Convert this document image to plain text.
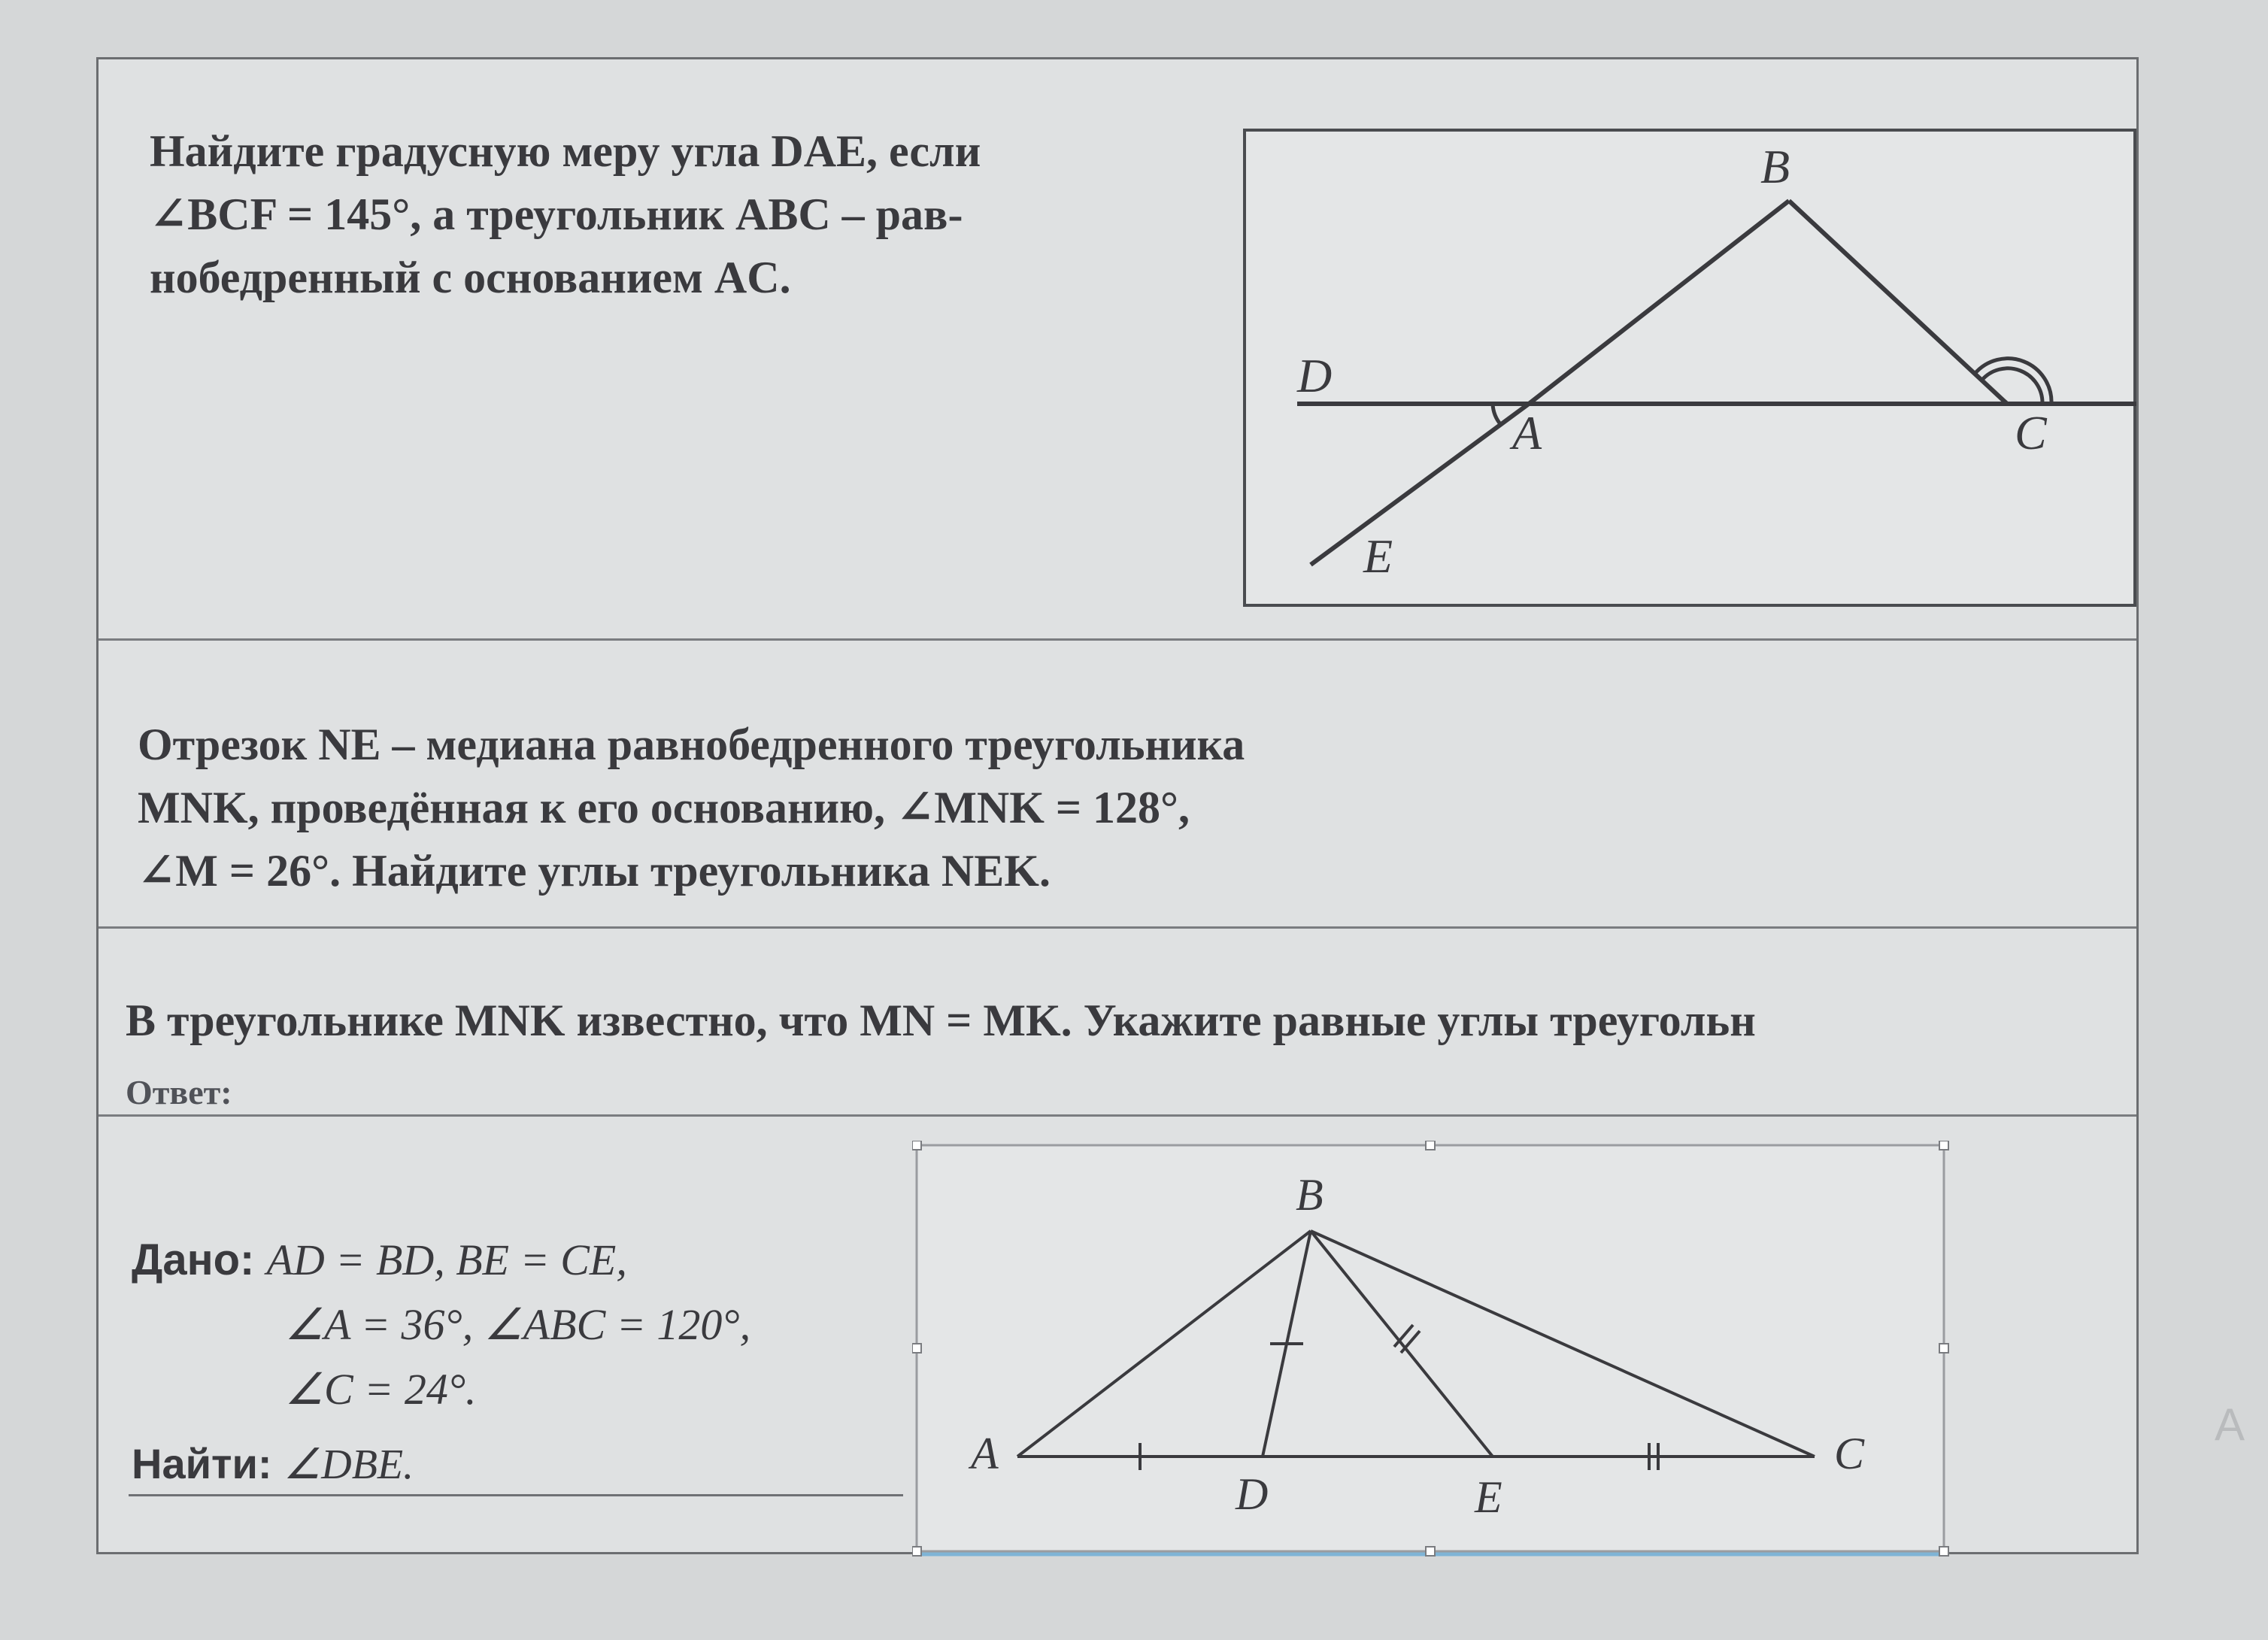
Найдите градусную меру угла DAE, если
∠BCF = 145°, а треугольник ABC – рав-
нобедренный с основанием AC.
B
D
A	C
E
Отрезок NE – медиана равнобедренного треугольника
MNK, проведённая к его основанию, ∠MNK = 128°,
∠M = 26°. Найдите углы треугольника NEK.
В треугольнике MNK известно, что MN = MK. Укажите равные углы треугольн
Ответ:
Дано: AD = BD, BE = CE,
∠A = 36°, ∠ABC = 120°,
∠C = 24°.
Найти: ∠DBE.
B
A
D	E
C
A
